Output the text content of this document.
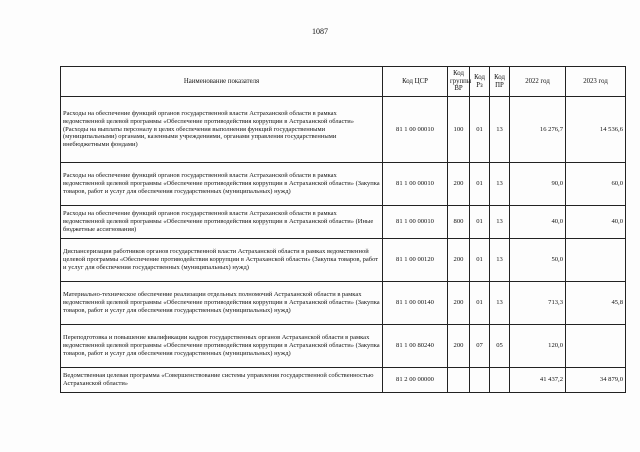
1087
Наименование показателя	Код ЦСР	Код группы ВР	Код Рз	Код ПР	2022 год	2023 год
Расходы на обеспечение функций органов государственной власти Астраханской области в рамках ведомственной целевой программы «Обеспечение противодействия коррупции в Астраханской области» (Расходы на выплаты персоналу в целях обеспечения выполнения функций государственными (муниципальными) органами, казенными учреждениями, органами управления государственными внебюджетными фондами)	81 1 00 00010	100	01	13	16 276,7	14 536,6
Расходы на обеспечение функций органов государственной власти Астраханской области в рамках ведомственной целевой программы «Обеспечение противодействия коррупции в Астраханской области» (Закупка товаров, работ и услуг для обеспечения государственных (муниципальных) нужд)	81 1 00 00010	200	01	13	90,0	60,0
Расходы на обеспечение функций органов государственной власти Астраханской области в рамках ведомственной целевой программы «Обеспечение противодействия коррупции в Астраханской области» (Иные бюджетные ассигнования)	81 1 00 00010	800	01	13	40,0	40,0
Диспансеризация работников органов государственной власти Астраханской области в рамках ведомственной целевой программы «Обеспечение противодействия коррупции в Астраханской области» (Закупка товаров, работ и услуг для обеспечения государственных (муниципальных) нужд)	81 1 00 00120	200	01	13	50,0	
Материально-техническое обеспечение реализации отдельных полномочий Астраханской области в рамках ведомственной целевой программы «Обеспечение противодействия коррупции в Астраханской области» (Закупка товаров, работ и услуг для обеспечения государственных (муниципальных) нужд)	81 1 00 00140	200	01	13	713,3	45,8
Переподготовка и повышение квалификации кадров государственных органов Астраханской области в рамках ведомственной целевой программы «Обеспечение противодействия коррупции в Астраханской области» (Закупка товаров, работ и услуг для обеспечения государственных (муниципальных) нужд)	81 1 00 80240	200	07	05	120,0	
Ведомственная целевая программа «Совершенствование системы управления государственной собственностью Астраханской области»	81 2 00 00000				41 437,2	34 879,0
